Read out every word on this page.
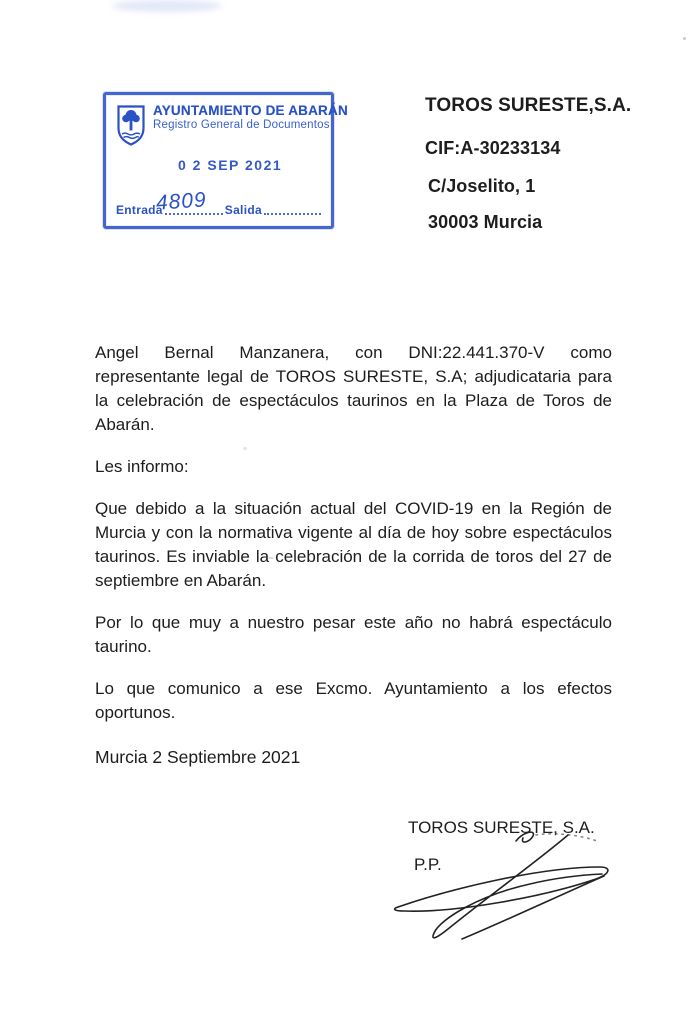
AYUNTAMIENTO DE ABARÁN
Registro General de Documentos
0 2 SEP 2021
Entrada	Salida
4809
TOROS SURESTE,S.A.
CIF:A-30233134
C/Joselito, 1
30003 Murcia

Angel Bernal Manzanera, con DNI:22.441.370-V como representante legal de TOROS SURESTE, S.A; adjudicataria para la celebración de espectáculos taurinos en la Plaza de Toros de Abarán.

Les informo:

Que debido a la situación actual del COVID-19 en la Región de Murcia y con la normativa vigente al día de hoy sobre espectáculos taurinos. Es inviable la celebración de la corrida de toros del 27 de septiembre en Abarán.

Por lo que muy a nuestro pesar este año no habrá espectáculo taurino.

Lo que comunico a ese Excmo. Ayuntamiento a los efectos oportunos.

Murcia 2 Septiembre 2021
TOROS SURESTE, S.A.
P.P.
